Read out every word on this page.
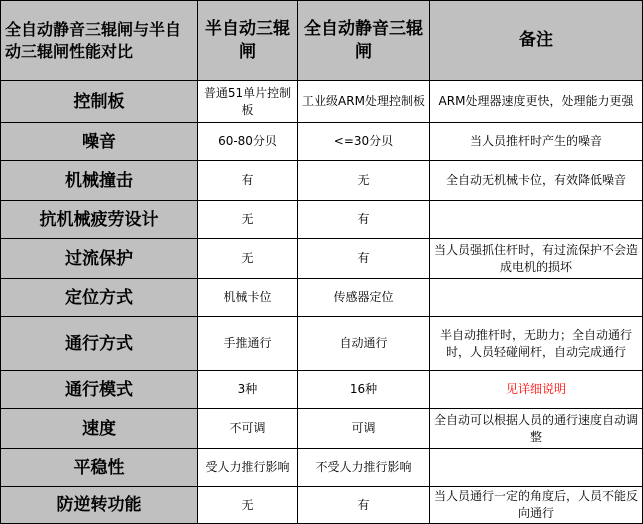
全自动静音三辊闸与半自动三辊闸性能对比	半自动三辊闸	全自动静音三辊闸	备注
控制板	普通51单片控制板	工业级ARM处理控制板	ARM处理器速度更快，处理能力更强
噪音	60-80分贝	<=30分贝	当人员推杆时产生的噪音
机械撞击	有	无	全自动无机械卡位，有效降低噪音
抗机械疲劳设计	无	有	
过流保护	无	有	当人员强抓住杆时，有过流保护不会造成电机的损坏
定位方式	机械卡位	传感器定位	
通行方式	手推通行	自动通行	半自动推杆时，无助力；全自动通行时，人员轻碰闸杆，自动完成通行
通行模式	3种	16种	见详细说明
速度	不可调	可调	全自动可以根据人员的通行速度自动调整
平稳性	受人力推行影响	不受人力推行影响	
防逆转功能	无	有	当人员通行一定的角度后，人员不能反向通行
